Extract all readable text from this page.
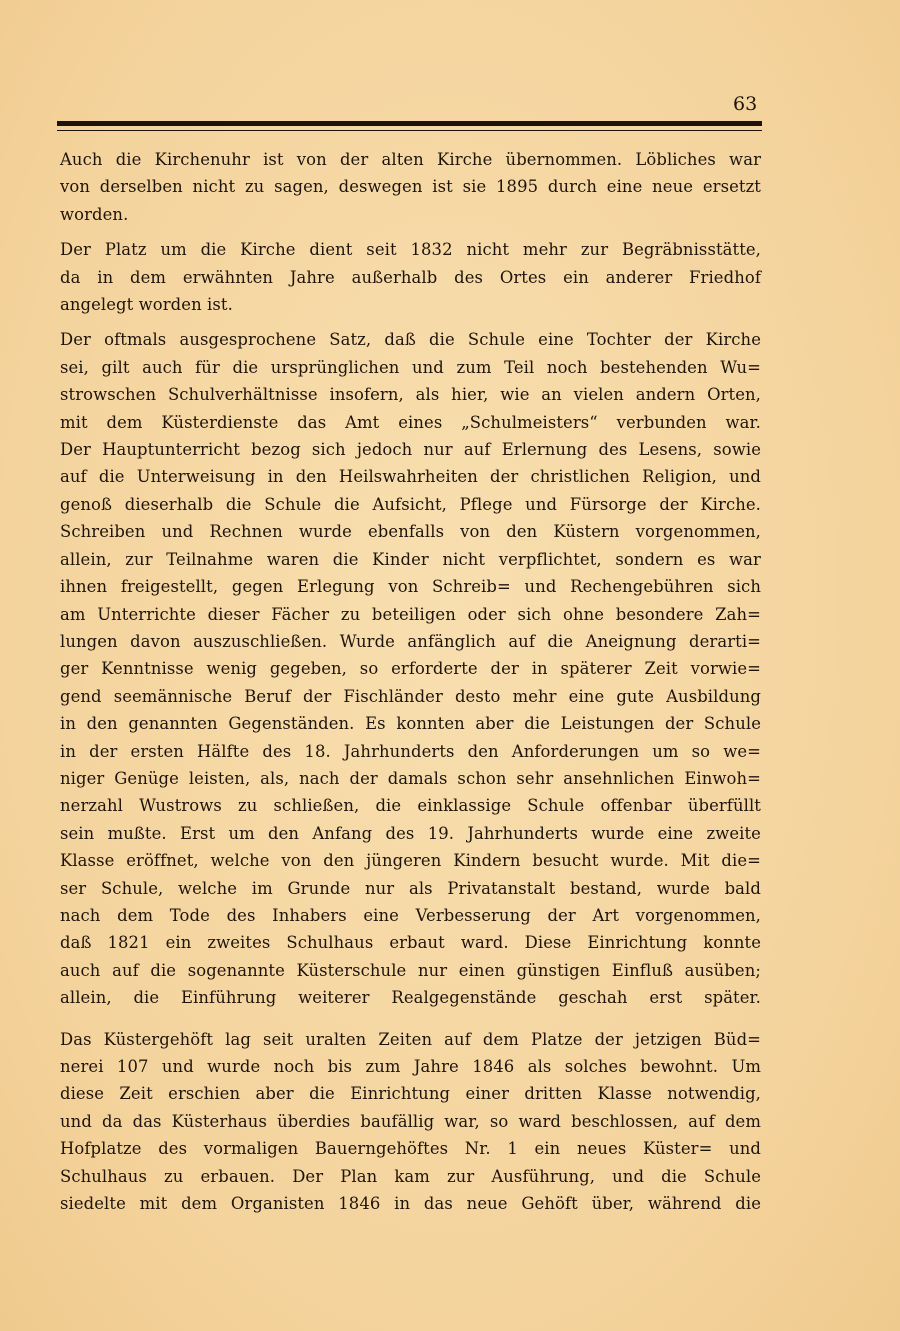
63

Auch die Kirchenuhr ist von der alten Kirche übernommen. Löbliches war
von derselben nicht zu sagen, deswegen ist sie 1895 durch eine neue ersetzt
worden.

Der Platz um die Kirche dient seit 1832 nicht mehr zur Begräbnisstätte,
da in dem erwähnten Jahre außerhalb des Ortes ein anderer Friedhof
angelegt worden ist.

Der oftmals ausgesprochene Satz, daß die Schule eine Tochter der Kirche
sei, gilt auch für die ursprünglichen und zum Teil noch bestehenden Wu=
strowschen Schulverhältnisse insofern, als hier, wie an vielen andern Orten,
mit dem Küsterdienste das Amt eines „Schulmeisters“ verbunden war.
Der Hauptunterricht bezog sich jedoch nur auf Erlernung des Lesens, sowie
auf die Unterweisung in den Heilswahrheiten der christlichen Religion, und
genoß dieserhalb die Schule die Aufsicht, Pflege und Fürsorge der Kirche.
Schreiben und Rechnen wurde ebenfalls von den Küstern vorgenommen,
allein, zur Teilnahme waren die Kinder nicht verpflichtet, sondern es war
ihnen freigestellt, gegen Erlegung von Schreib= und Rechengebühren sich
am Unterrichte dieser Fächer zu beteiligen oder sich ohne besondere Zah=
lungen davon auszuschließen. Wurde anfänglich auf die Aneignung derarti=
ger Kenntnisse wenig gegeben, so erforderte der in späterer Zeit vorwie=
gend seemännische Beruf der Fischländer desto mehr eine gute Ausbildung
in den genannten Gegenständen. Es konnten aber die Leistungen der Schule
in der ersten Hälfte des 18. Jahrhunderts den Anforderungen um so we=
niger Genüge leisten, als, nach der damals schon sehr ansehnlichen Einwoh=
nerzahl Wustrows zu schließen, die einklassige Schule offenbar überfüllt
sein mußte. Erst um den Anfang des 19. Jahrhunderts wurde eine zweite
Klasse eröffnet, welche von den jüngeren Kindern besucht wurde. Mit die=
ser Schule, welche im Grunde nur als Privatanstalt bestand, wurde bald
nach dem Tode des Inhabers eine Verbesserung der Art vorgenommen,
daß 1821 ein zweites Schulhaus erbaut ward. Diese Einrichtung konnte
auch auf die sogenannte Küsterschule nur einen günstigen Einfluß ausüben;
allein, die Einführung weiterer Realgegenstände geschah erst später.

Das Küstergehöft lag seit uralten Zeiten auf dem Platze der jetzigen Büd=
nerei 107 und wurde noch bis zum Jahre 1846 als solches bewohnt. Um
diese Zeit erschien aber die Einrichtung einer dritten Klasse notwendig,
und da das Küsterhaus überdies baufällig war, so ward beschlossen, auf dem
Hofplatze des vormaligen Bauerngehöftes Nr. 1 ein neues Küster= und
Schulhaus zu erbauen. Der Plan kam zur Ausführung, und die Schule
siedelte mit dem Organisten 1846 in das neue Gehöft über, während die
